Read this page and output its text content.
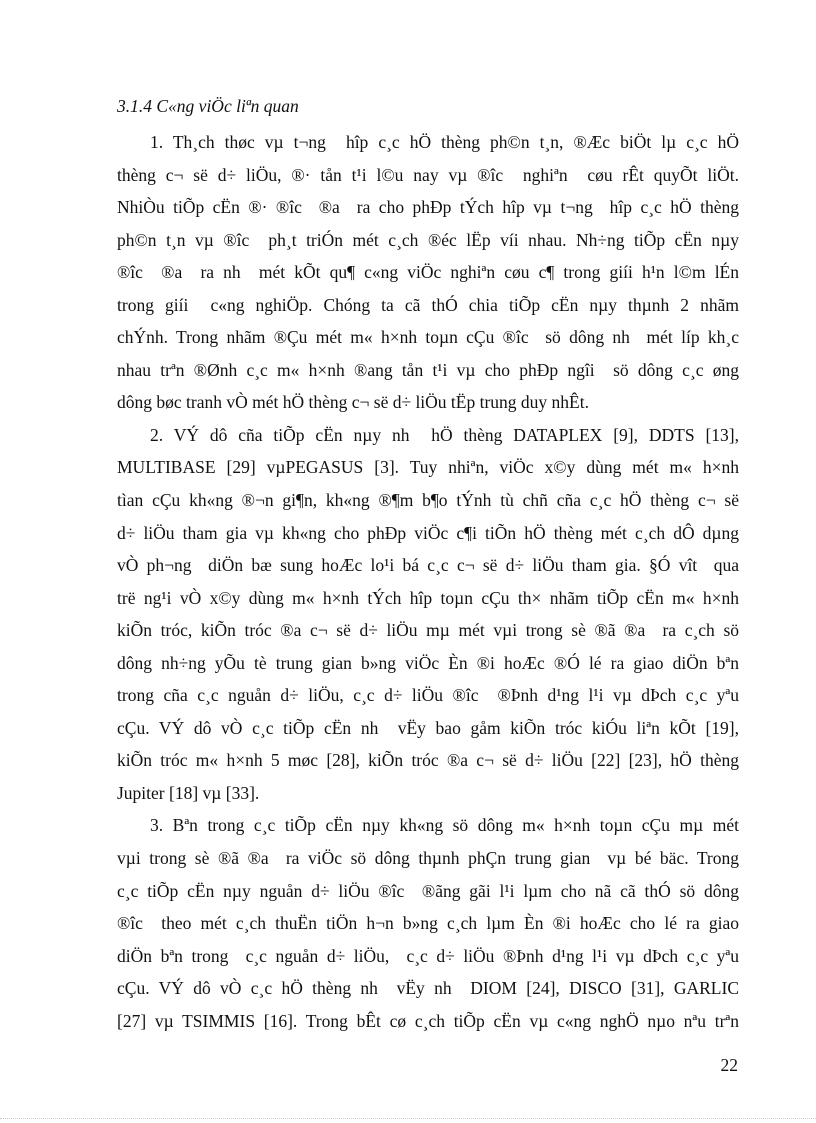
3.1.4 C«ng viÖc liªn quan
1. Th¸ch thøc vµ t¬ng  hîp c¸c hÖ thèng ph©n t¸n, ®Æc biÖt lµ c¸c hÖ
thèng c¬ së d÷ liÖu, ®· tån t¹i l©u nay vµ ®îc  nghiªn  cøu rÊt quyÕt liÖt.
NhiÒu tiÕp cËn ®· ®îc  ®a  ra cho phÐp tÝch hîp vµ t¬ng  hîp c¸c hÖ thèng
ph©n t¸n vµ ®îc  ph¸t triÓn mét c¸ch ®éc lËp víi nhau. Nh÷ng tiÕp cËn nµy
®îc  ®a  ra nh  mét kÕt qu¶ c«ng viÖc nghiªn cøu c¶ trong giíi h¹n l©m lÉn
trong giíi  c«ng nghiÖp. Chóng ta cã thÓ chia tiÕp cËn nµy thµnh 2 nhãm
chÝnh. Trong nhãm ®Çu mét m« h×nh toµn cÇu ®îc  sö dông nh  mét líp kh¸c
nhau trªn ®Ønh c¸c m« h×nh ®ang tån t¹i vµ cho phÐp ngîi  sö dông c¸c øng
dông bøc tranh vÒ mét hÖ thèng c¬ së d÷ liÖu tËp trung duy nhÊt.
2. VÝ dô cña tiÕp cËn nµy nh  hÖ thèng DATAPLEX [9], DDTS [13],
MULTIBASE [29] vµPEGASUS [3]. Tuy nhiªn, viÖc x©y dùng mét m« h×nh
tìan cÇu kh«ng ®¬n gi¶n, kh«ng ®¶m b¶o tÝnh tù chñ cña c¸c hÖ thèng c¬ së
d÷ liÖu tham gia vµ kh«ng cho phÐp viÖc c¶i tiÕn hÖ thèng mét c¸ch dÔ dµng
vÒ ph¬ng  diÖn bæ sung hoÆc lo¹i bá c¸c c¬ së d÷ liÖu tham gia. §Ó vît  qua
trë ng¹i vÒ x©y dùng m« h×nh tÝch hîp toµn cÇu th× nhãm tiÕp cËn m« h×nh
kiÕn tróc, kiÕn tróc ®a c¬ së d÷ liÖu mµ mét vµi trong sè ®ã ®a  ra c¸ch sö
dông nh÷ng yÕu tè trung gian b»ng viÖc Èn ®i hoÆc ®Ó lé ra giao diÖn bªn
trong cña c¸c nguån d÷ liÖu, c¸c d÷ liÖu ®îc  ®Þnh d¹ng l¹i vµ dÞch c¸c yªu
cÇu. VÝ dô vÒ c¸c tiÕp cËn nh  vËy bao gåm kiÕn tróc kiÓu liªn kÕt [19],
kiÕn tróc m« h×nh 5 møc [28], kiÕn tróc ®a c¬ së d÷ liÖu [22] [23], hÖ thèng
Jupiter [18] vµ [33].
3. Bªn trong c¸c tiÕp cËn nµy kh«ng sö dông m« h×nh toµn cÇu mµ mét
vµi trong sè ®ã ®a  ra viÖc sö dông thµnh phÇn trung gian  vµ bé bäc. Trong
c¸c tiÕp cËn nµy nguån d÷ liÖu ®îc  ®ãng gãi l¹i lµm cho nã cã thÓ sö dông
®îc  theo mét c¸ch thuËn tiÖn h¬n b»ng c¸ch lµm Èn ®i hoÆc cho lé ra giao
diÖn bªn trong  c¸c nguån d÷ liÖu,  c¸c d÷ liÖu ®Þnh d¹ng l¹i vµ dÞch c¸c yªu
cÇu. VÝ dô vÒ c¸c hÖ thèng nh  vËy nh  DIOM [24], DISCO [31], GARLIC
[27] vµ TSIMMIS [16]. Trong bÊt cø c¸ch tiÕp cËn vµ c«ng nghÖ nµo nªu trªn
22
